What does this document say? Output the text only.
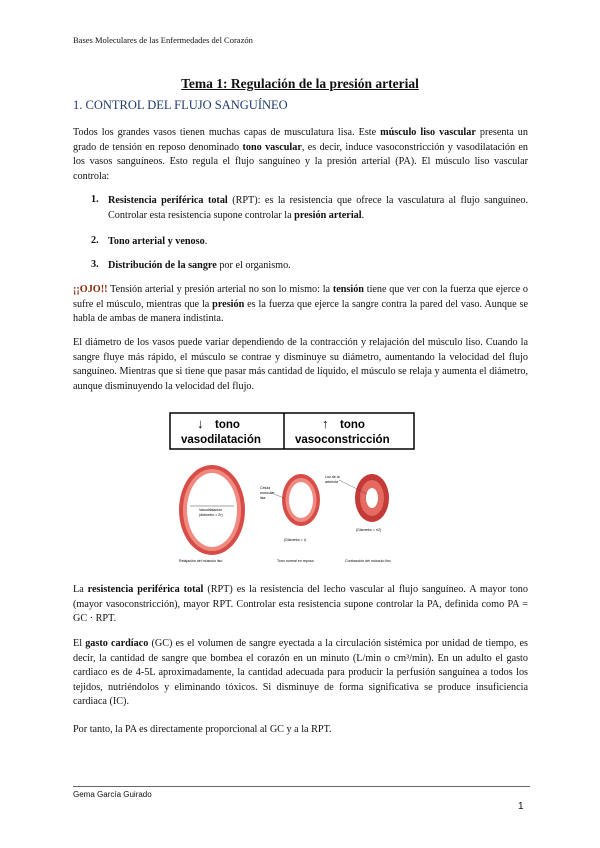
Bases Moleculares de las Enfermedades del Corazón
Tema 1: Regulación de la presión arterial
1. CONTROL DEL FLUJO SANGUÍNEO
Todos los grandes vasos tienen muchas capas de musculatura lisa. Este músculo liso vascular presenta un grado de tensión en reposo denominado tono vascular, es decir, induce vasoconstricción y vasodilatación en los vasos sanguíneos. Esto regula el flujo sanguíneo y la presión arterial (PA). El músculo liso vascular controla:
1. Resistencia periférica total (RPT): es la resistencia que ofrece la vasculatura al flujo sanguíneo. Controlar esta resistencia supone controlar la presión arterial.
2. Tono arterial y venoso.
3. Distribución de la sangre por el organismo.
¡¡OJO!! Tensión arterial y presión arterial no son lo mismo: la tensión tiene que ver con la fuerza que ejerce o sufre el músculo, mientras que la presión es la fuerza que ejerce la sangre contra la pared del vaso. Aunque se habla de ambas de manera indistinta.
El diámetro de los vasos puede variar dependiendo de la contracción y relajación del músculo liso. Cuando la sangre fluye más rápido, el músculo se contrae y disminuye su diámetro, aumentando la velocidad del flujo sanguíneo. Mientras que si tiene que pasar más cantidad de líquido, el músculo se relaja y aumenta el diámetro, aunque disminuyendo la velocidad del flujo.
↓ tono
vasodilatación
↑ tono
vasoconstricción
Vasodilatación
(diámetro = 2r)
Célula
muscular
lisa
(Diámetro = r)
Luz de la
arteriola
(Diámetro = r/2)
Relajación del músculo liso	Tono normal en reposo	Contracción del músculo liso
La resistencia periférica total (RPT) es la resistencia del lecho vascular al flujo sanguíneo. A mayor tono (mayor vasoconstricción), mayor RPT. Controlar esta resistencia supone controlar la PA, definida como PA = GC · RPT.
El gasto cardíaco (GC) es el volumen de sangre eyectada a la circulación sistémica por unidad de tiempo, es decir, la cantidad de sangre que bombea el corazón en un minuto (L/min o cm³/min). En un adulto el gasto cardiaco es de 4-5L aproximadamente, la cantidad adecuada para producir la perfusión sanguínea a todos los tejidos, nutriéndolos y eliminando tóxicos. Si disminuye de forma significativa se produce insuficiencia cardiaca (IC).
Por tanto, la PA es directamente proporcional al GC y a la RPT.
Gema García Guirado
1
